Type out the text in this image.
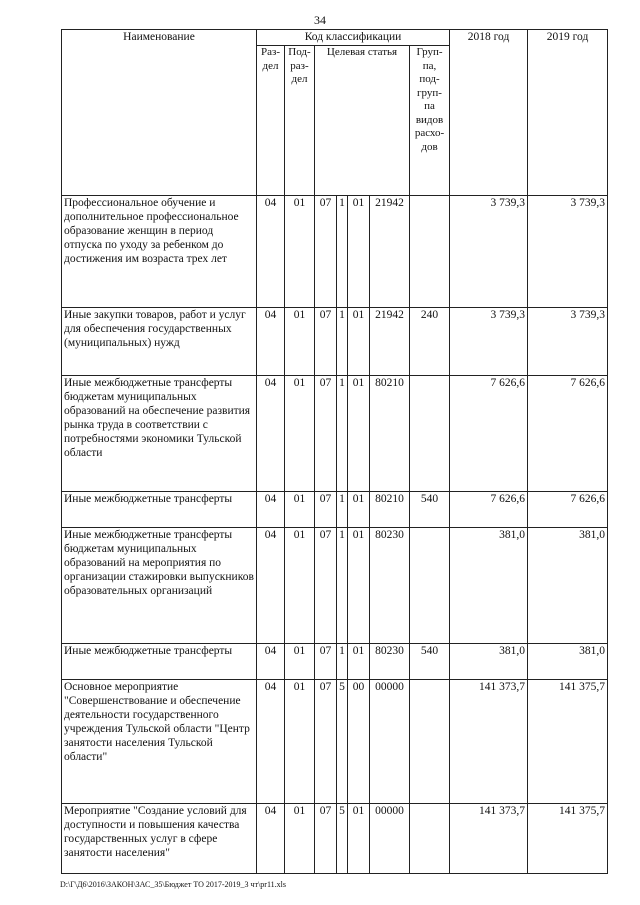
34
Наименование	Код классификации							2018 год	2019 год
	Раз-дел	Под-раз-дел	Целевая статья				Груп-па, под-груп-па видов расхо-дов		
Профессиональное обучение и дополнительное профессиональное образование женщин в период отпуска по уходу за ребенком до достижения им возраста трех лет	04	01	07	1	01	21942		3 739,3	3 739,3
Иные закупки товаров, работ и услуг для обеспечения государственных (муниципальных) нужд	04	01	07	1	01	21942	240	3 739,3	3 739,3
Иные межбюджетные трансферты бюджетам муниципальных образований на обеспечение развития рынка труда в соответствии с потребностями экономики Тульской области	04	01	07	1	01	80210		7 626,6	7 626,6
Иные межбюджетные трансферты	04	01	07	1	01	80210	540	7 626,6	7 626,6
Иные межбюджетные трансферты бюджетам муниципальных образований на мероприятия по организации стажировки выпускников образовательных организаций	04	01	07	1	01	80230		381,0	381,0
Иные межбюджетные трансферты	04	01	07	1	01	80230	540	381,0	381,0
Основное мероприятие "Совершенствование и обеспечение деятельности государственного учреждения Тульской области "Центр занятости населения Тульской области"	04	01	07	5	00	00000		141 373,7	141 375,7
Мероприятие "Создание условий для доступности и повышения качества государственных услуг в сфере занятости населения"	04	01	07	5	01	00000		141 373,7	141 375,7
D:\Г\Д6\2016\ЗАКОН\ЗАС_35\Бюджет ТО 2017-2019_3 чт\pr11.xls
